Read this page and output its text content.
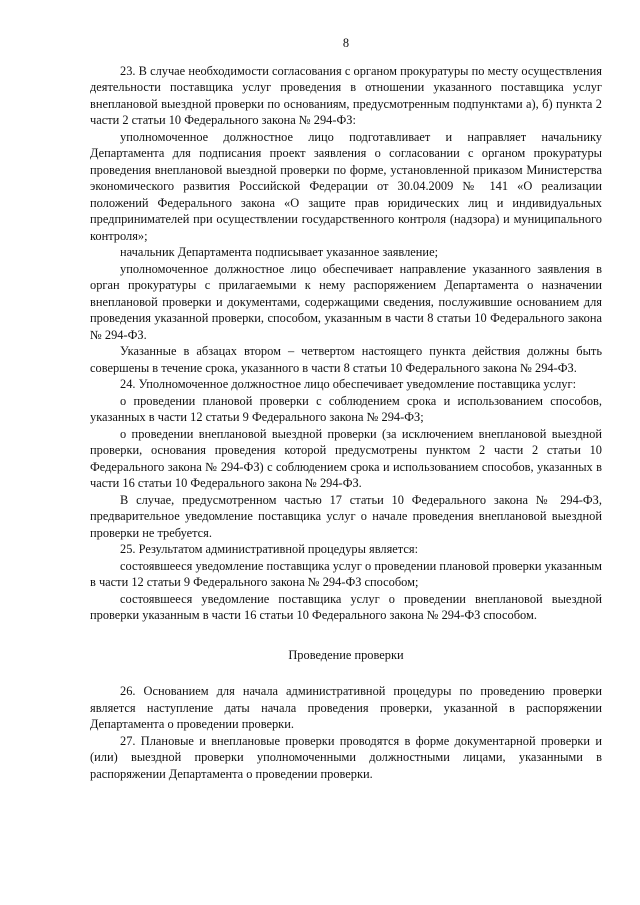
8

23. В случае необходимости согласования с органом прокуратуры по месту осуществления деятельности поставщика услуг проведения в отношении указанного поставщика услуг внеплановой выездной проверки по основаниям, предусмотренным подпунктами а), б) пункта 2 части 2 статьи 10 Федерального закона № 294-ФЗ:

уполномоченное должностное лицо подготавливает и направляет начальнику Департамента для подписания проект заявления о согласовании с органом прокуратуры проведения внеплановой выездной проверки по форме, установленной приказом Министерства экономического развития Российской Федерации от 30.04.2009 № 141 «О реализации положений Федерального закона «О защите прав юридических лиц и индивидуальных предпринимателей при осуществлении государственного контроля (надзора) и муниципального контроля»;

начальник Департамента подписывает указанное заявление;

уполномоченное должностное лицо обеспечивает направление указанного заявления в орган прокуратуры с прилагаемыми к нему распоряжением Департамента о назначении внеплановой проверки и документами, содержащими сведения, послужившие основанием для проведения указанной проверки, способом, указанным в части 8 статьи 10 Федерального закона № 294-ФЗ.

Указанные в абзацах втором – четвертом настоящего пункта действия должны быть совершены в течение срока, указанного в части 8 статьи 10 Федерального закона № 294-ФЗ.

24. Уполномоченное должностное лицо обеспечивает уведомление поставщика услуг:

о проведении плановой проверки с соблюдением срока и использованием способов, указанных в части 12 статьи 9 Федерального закона № 294-ФЗ;

о проведении внеплановой выездной проверки (за исключением внеплановой выездной проверки, основания проведения которой предусмотрены пунктом 2 части 2 статьи 10 Федерального закона № 294-ФЗ) с соблюдением срока и использованием способов, указанных в части 16 статьи 10 Федерального закона № 294-ФЗ.

В случае, предусмотренном частью 17 статьи 10 Федерального закона № 294-ФЗ, предварительное уведомление поставщика услуг о начале проведения внеплановой выездной проверки не требуется.

25. Результатом административной процедуры является:

состоявшееся уведомление поставщика услуг о проведении плановой проверки указанным в части 12 статьи 9 Федерального закона № 294-ФЗ способом;

состоявшееся уведомление поставщика услуг о проведении внеплановой выездной проверки указанным в части 16 статьи 10 Федерального закона № 294-ФЗ способом.

Проведение проверки

26. Основанием для начала административной процедуры по проведению проверки является наступление даты начала проведения проверки, указанной в распоряжении Департамента о проведении проверки.

27. Плановые и внеплановые проверки проводятся в форме документарной проверки и (или) выездной проверки уполномоченными должностными лицами, указанными в распоряжении Департамента о проведении проверки.
